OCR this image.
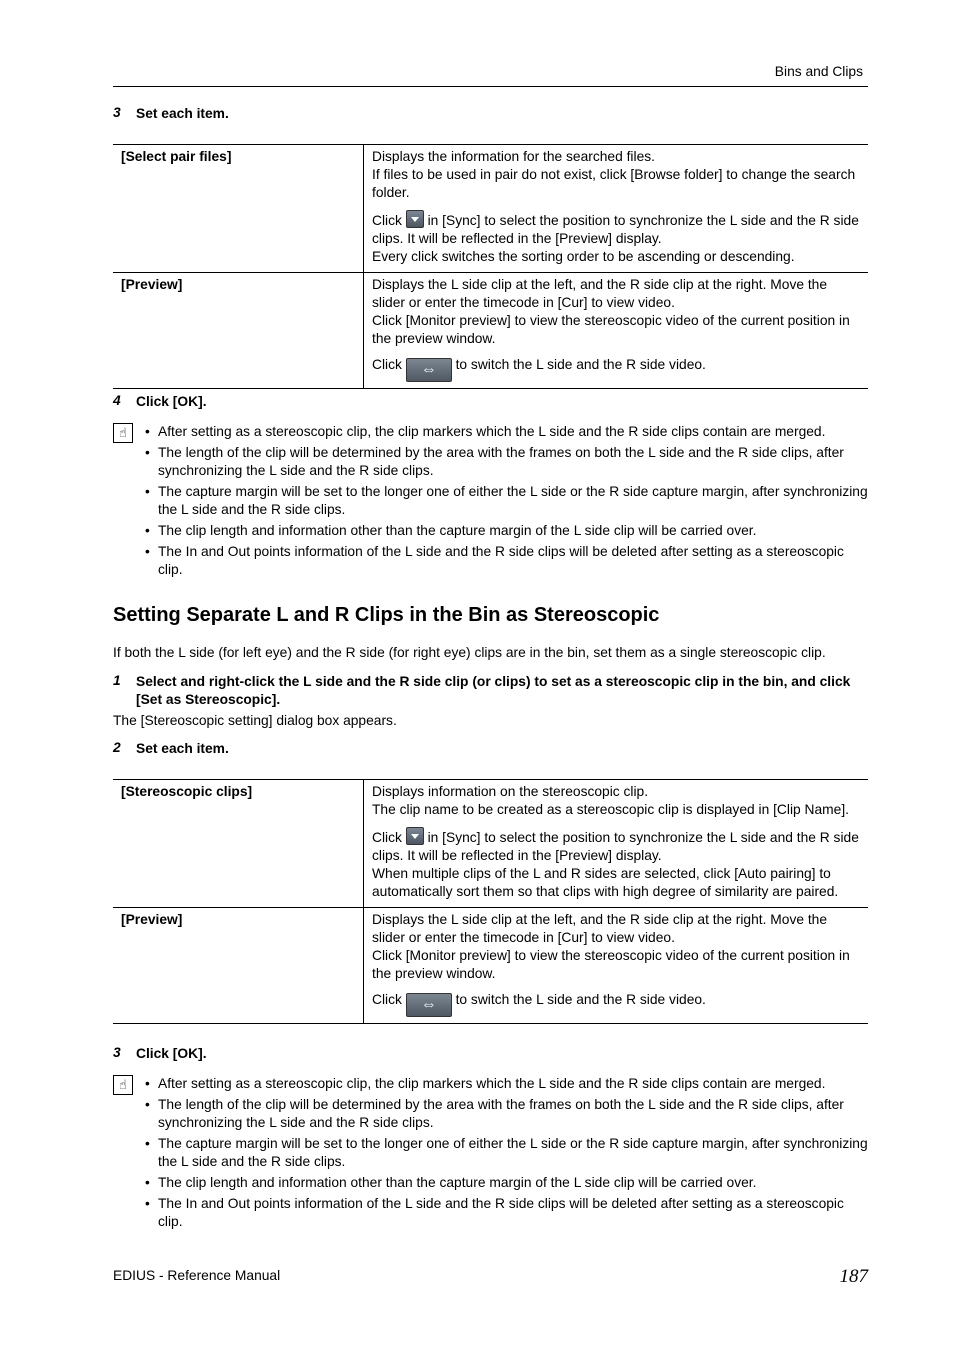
Bins and Clips
3 Set each item.
[Select pair files]	Displays the information for the searched files.

If files to be used in pair do not exist, click [Browse folder] to change the search folder.

Click in [Sync] to select the position to synchronize the L side and the R side clips. It will be reflected in the [Preview] display.

Every click switches the sorting order to be ascending or descending.

[Preview]	Displays the L side clip at the left, and the R side clip at the right. Move the slider or enter the timecode in [Cur] to view video.

Click [Monitor preview] to view the stereoscopic video of the current position in the preview window.

Click ⇔ to switch the L side and the R side video.

4 Click [OK].
☝	• After setting as a stereoscopic clip, the clip markers which the L side and the R side clips contain are merged.
• The length of the clip will be determined by the area with the frames on both the L side and the R side clips, after synchronizing the L side and the R side clips.
• The capture margin will be set to the longer one of either the L side or the R side capture margin, after synchronizing the L side and the R side clips.
• The clip length and information other than the capture margin of the L side clip will be carried over.
• The In and Out points information of the L side and the R side clips will be deleted after setting as a stereoscopic clip.
Setting Separate L and R Clips in the Bin as Stereoscopic
If both the L side (for left eye) and the R side (for right eye) clips are in the bin, set them as a single stereoscopic clip.
1 Select and right-click the L side and the R side clip (or clips) to set as a stereoscopic clip in the bin, and click [Set as Stereoscopic].
The [Stereoscopic setting] dialog box appears.
2 Set each item.
[Stereoscopic clips]	Displays information on the stereoscopic clip.

The clip name to be created as a stereoscopic clip is displayed in [Clip Name].

Click in [Sync] to select the position to synchronize the L side and the R side clips. It will be reflected in the [Preview] display.

When multiple clips of the L and R sides are selected, click [Auto pairing] to automatically sort them so that clips with high degree of similarity are paired.

[Preview]	Displays the L side clip at the left, and the R side clip at the right. Move the slider or enter the timecode in [Cur] to view video.

Click [Monitor preview] to view the stereoscopic video of the current position in the preview window.

Click ⇔ to switch the L side and the R side video.

3 Click [OK].
☝	• After setting as a stereoscopic clip, the clip markers which the L side and the R side clips contain are merged.
• The length of the clip will be determined by the area with the frames on both the L side and the R side clips, after synchronizing the L side and the R side clips.
• The capture margin will be set to the longer one of either the L side or the R side capture margin, after synchronizing the L side and the R side clips.
• The clip length and information other than the capture margin of the L side clip will be carried over.
• The In and Out points information of the L side and the R side clips will be deleted after setting as a stereoscopic clip.
EDIUS - Reference Manual	187
